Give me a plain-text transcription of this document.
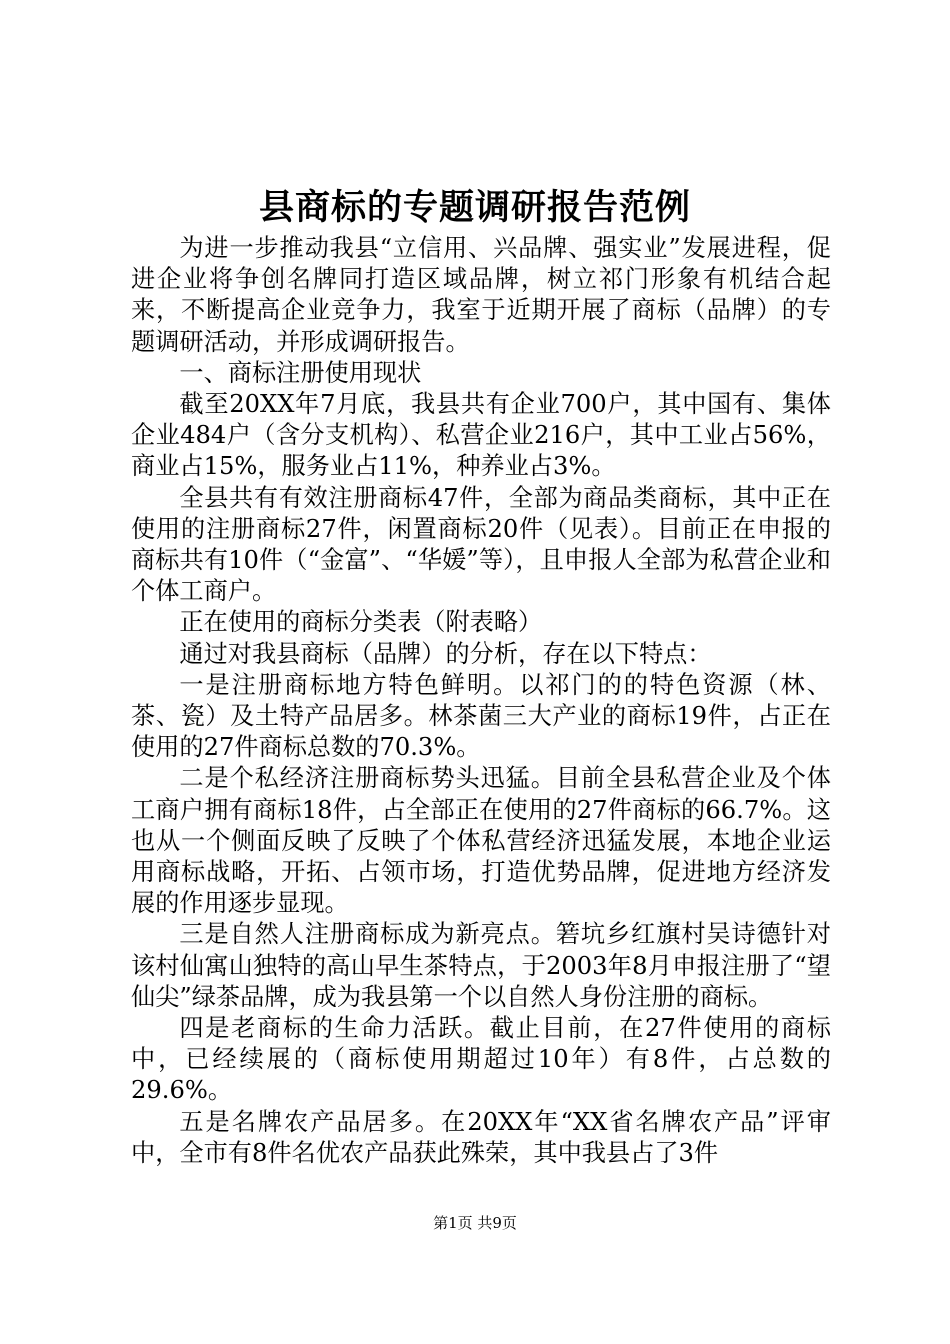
县商标的专题调研报告范例

为进一步推动我县“立信用、兴品牌、强实业”发展进程，促进企业将争创名牌同打造区域品牌，树立祁门形象有机结合起来，不断提高企业竞争力，我室于近期开展了商标（品牌）的专题调研活动，并形成调研报告。

一、商标注册使用现状

截至20XX年7月底，我县共有企业700户，其中国有、集体企业484户（含分支机构）、私营企业216户，其中工业占56%，商业占15%，服务业占11%，种养业占3%。

全县共有有效注册商标47件，全部为商品类商标，其中正在使用的注册商标27件，闲置商标20件（见表）。目前正在申报的商标共有10件（“金富”、“华媛”等），且申报人全部为私营企业和个体工商户。

正在使用的商标分类表（附表略）

通过对我县商标（品牌）的分析，存在以下特点：

一是注册商标地方特色鲜明。以祁门的的特色资源（林、茶、瓷）及土特产品居多。林茶菌三大产业的商标19件，占正在使用的27件商标总数的70.3%。

二是个私经济注册商标势头迅猛。目前全县私营企业及个体工商户拥有商标18件，占全部正在使用的27件商标的66.7%。这也从一个侧面反映了反映了个体私营经济迅猛发展，本地企业运用商标战略，开拓、占领市场，打造优势品牌，促进地方经济发展的作用逐步显现。

三是自然人注册商标成为新亮点。箬坑乡红旗村吴诗德针对该村仙寓山独特的高山早生茶特点，于2003年8月申报注册了“望仙尖”绿茶品牌，成为我县第一个以自然人身份注册的商标。

四是老商标的生命力活跃。截止目前，在27件使用的商标中，已经续展的（商标使用期超过10年）有8件，占总数的29.6%。

五是名牌农产品居多。在20XX年“XX省名牌农产品”评审中，全市有8件名优农产品获此殊荣，其中我县占了3件

第1页 共9页
